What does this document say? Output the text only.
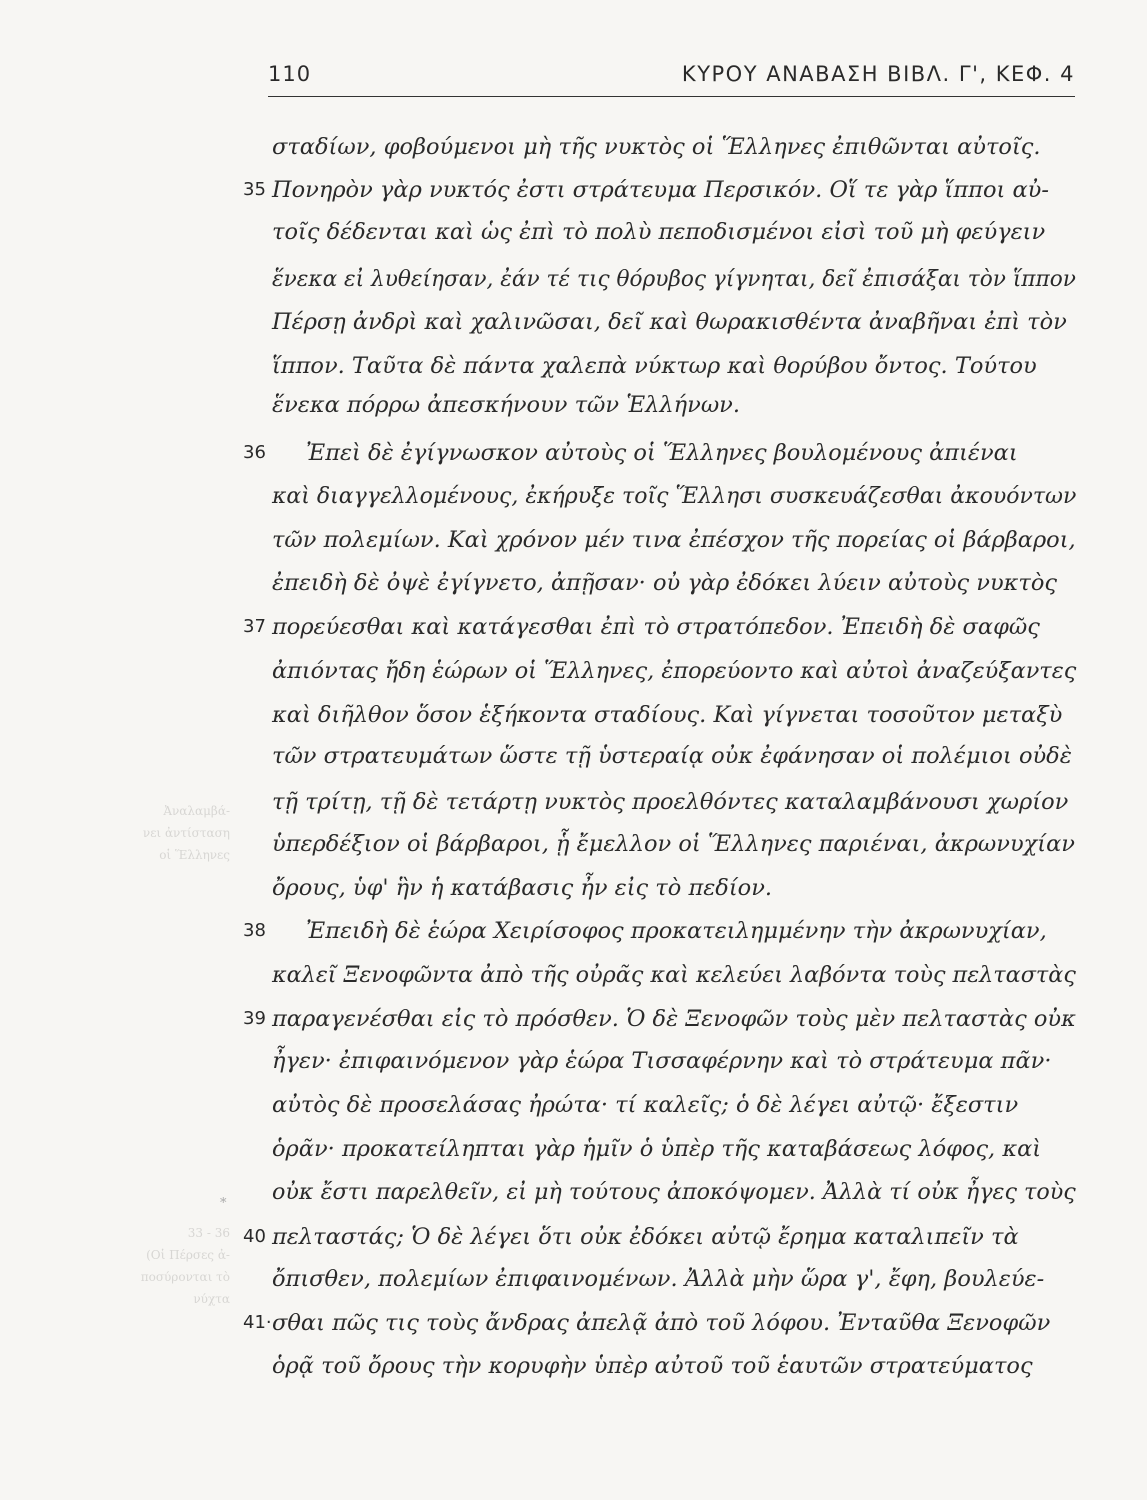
110	ΚΥΡΟΥ ΑΝΑΒΑΣΗ ΒΙΒΛ. Γ', ΚΕΦ. 4
Ἀναλαμβά-
νει ἀντίσταση
οἱ Ἕλληνες
33 - 36
(Οἱ Πέρσες ἀ-
ποσύρονται τὸ
νύχτα
*
35
36
37
38
39
40
41·
σταδίων, φοβούμενοι μὴ τῆς νυκτὸς οἱ Ἕλληνες ἐπιθῶνται αὐτοῖς.
Πονηρὸν γὰρ νυκτός ἐστι στράτευμα Περσικόν. Οἵ τε γὰρ ἵπποι αὐ-
τοῖς δέδενται καὶ ὡς ἐπὶ τὸ πολὺ πεποδισμένοι εἰσὶ τοῦ μὴ φεύγειν
ἕνεκα εἰ λυθείησαν, ἐάν τέ τις θόρυβος γίγνηται, δεῖ ἐπισάξαι τὸν ἵππον
Πέρσῃ ἀνδρὶ καὶ χαλινῶσαι, δεῖ καὶ θωρακισθέντα ἀναβῆναι ἐπὶ τὸν
ἵππον. Ταῦτα δὲ πάντα χαλεπὰ νύκτωρ καὶ θορύβου ὄντος. Τούτου
ἕνεκα πόρρω ἀπεσκήνουν τῶν Ἑλλήνων.
Ἐπεὶ δὲ ἐγίγνωσκον αὐτοὺς οἱ Ἕλληνες βουλομένους ἀπιέναι
καὶ διαγγελλομένους, ἐκήρυξε τοῖς Ἕλλησι συσκευάζεσθαι ἀκουόντων
τῶν πολεμίων. Καὶ χρόνον μέν τινα ἐπέσχον τῆς πορείας οἱ βάρβαροι,
ἐπειδὴ δὲ ὀψὲ ἐγίγνετο, ἀπῇσαν· οὐ γὰρ ἐδόκει λύειν αὐτοὺς νυκτὸς
πορεύεσθαι καὶ κατάγεσθαι ἐπὶ τὸ στρατόπεδον. Ἐπειδὴ δὲ σαφῶς
ἀπιόντας ἤδη ἑώρων οἱ Ἕλληνες, ἐπορεύοντο καὶ αὐτοὶ ἀναζεύξαντες
καὶ διῆλθον ὅσον ἑξήκοντα σταδίους. Καὶ γίγνεται τοσοῦτον μεταξὺ
τῶν στρατευμάτων ὥστε τῇ ὑστεραίᾳ οὐκ ἐφάνησαν οἱ πολέμιοι οὐδὲ
τῇ τρίτῃ, τῇ δὲ τετάρτῃ νυκτὸς προελθόντες καταλαμβάνουσι χωρίον
ὑπερδέξιον οἱ βάρβαροι, ᾗ ἔμελλον οἱ Ἕλληνες παριέναι, ἀκρωνυχίαν
ὄρους, ὑφ' ἣν ἡ κατάβασις ἦν εἰς τὸ πεδίον.
Ἐπειδὴ δὲ ἑώρα Χειρίσοφος προκατειλημμένην τὴν ἀκρωνυχίαν,
καλεῖ Ξενοφῶντα ἀπὸ τῆς οὐρᾶς καὶ κελεύει λαβόντα τοὺς πελταστὰς
παραγενέσθαι εἰς τὸ πρόσθεν. Ὁ δὲ Ξενοφῶν τοὺς μὲν πελταστὰς οὐκ
ἦγεν· ἐπιφαινόμενον γὰρ ἑώρα Τισσαφέρνην καὶ τὸ στράτευμα πᾶν·
αὐτὸς δὲ προσελάσας ἠρώτα· τί καλεῖς; ὁ δὲ λέγει αὐτῷ· ἔξεστιν
ὁρᾶν· προκατείληπται γὰρ ἡμῖν ὁ ὑπὲρ τῆς καταβάσεως λόφος, καὶ
οὐκ ἔστι παρελθεῖν, εἰ μὴ τούτους ἀποκόψομεν. Ἀλλὰ τί οὐκ ἦγες τοὺς
πελταστάς; Ὁ δὲ λέγει ὅτι οὐκ ἐδόκει αὐτῷ ἔρημα καταλιπεῖν τὰ
ὄπισθεν, πολεμίων ἐπιφαινομένων. Ἀλλὰ μὴν ὥρα γ', ἔφη, βουλεύε-
σθαι πῶς τις τοὺς ἄνδρας ἀπελᾷ ἀπὸ τοῦ λόφου. Ἐνταῦθα Ξενοφῶν
ὁρᾷ τοῦ ὄρους τὴν κορυφὴν ὑπὲρ αὐτοῦ τοῦ ἑαυτῶν στρατεύματος
